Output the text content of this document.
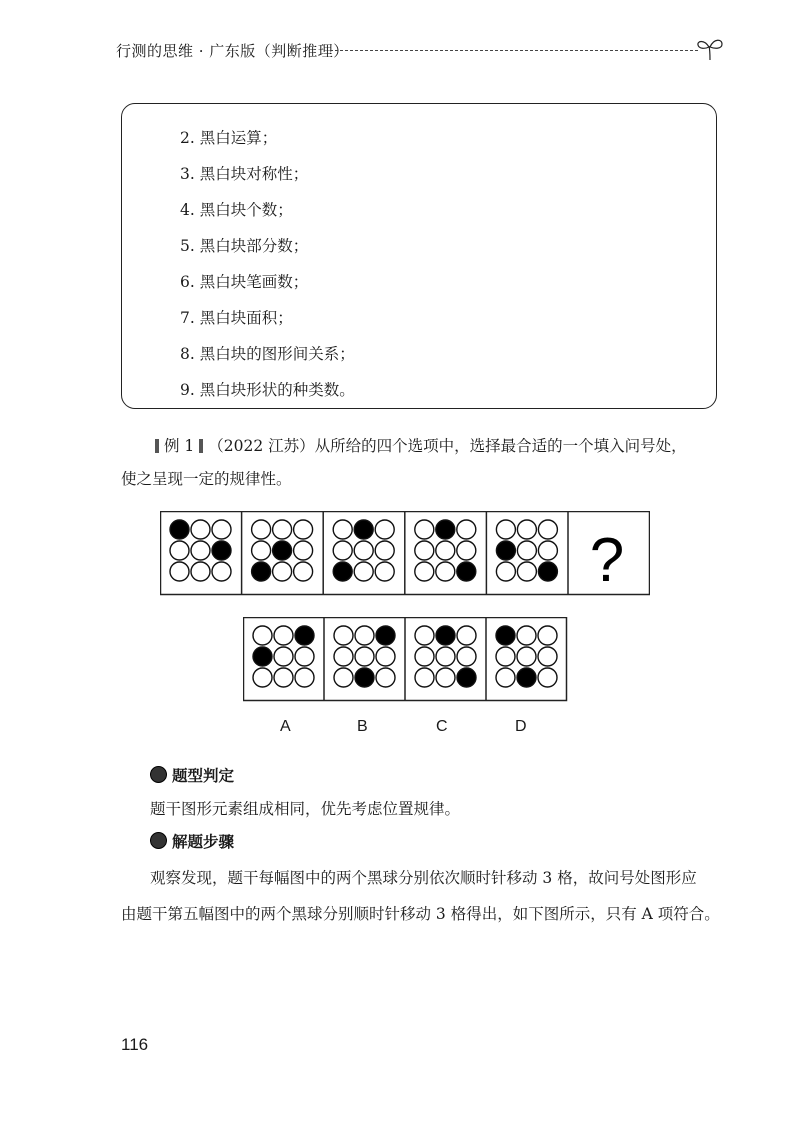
行测的思维 · 广东版（判断推理）
2. 黑白运算；
3. 黑白块对称性；
4. 黑白块个数；
5. 黑白块部分数；
6. 黑白块笔画数；
7. 黑白块面积；
8. 黑白块的图形间关系；
9. 黑白块形状的种类数。
例 1 （2022 江苏）从所给的四个选项中，选择最合适的一个填入问号处，
使之呈现一定的规律性。
?
A	B	C	D
题型判定
题干图形元素组成相同，优先考虑位置规律。
解题步骤
观察发现，题干每幅图中的两个黑球分别依次顺时针移动 3 格，故问号处图形应
由题干第五幅图中的两个黑球分别顺时针移动 3 格得出，如下图所示，只有 A 项符合。
116
